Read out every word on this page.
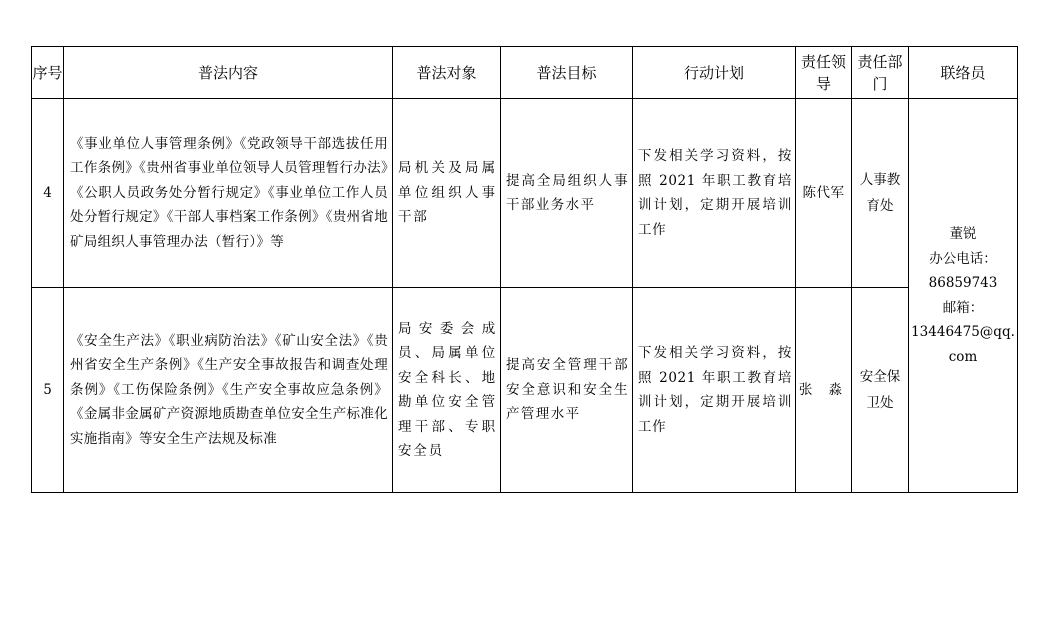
序号	普法内容	普法对象	普法目标	行动计划	责任领导	责任部门	联络员
4	《事业单位人事管理条例》《党政领导干部选拔任用工作条例》《贵州省事业单位领导人员管理暂行办法》《公职人员政务处分暂行规定》《事业单位工作人员处分暂行规定》《干部人事档案工作条例》《贵州省地矿局组织人事管理办法（暂行）》等	局机关及局属单位组织人事干部	提高全局组织人事干部业务水平	下发相关学习资料，按照 2021 年职工教育培训计划，定期开展培训工作	陈代军	人事教育处	董锐
办公电话：
86859743
邮箱：
13446475@qq.com

5	《安全生产法》《职业病防治法》《矿山安全法》《贵州省安全生产条例》《生产安全事故报告和调查处理条例》《工伤保险条例》《生产安全事故应急条例》《金属非金属矿产资源地质勘查单位安全生产标准化实施指南》等安全生产法规及标准	局安委会成员、局属单位安全科长、地勘单位安全管理干部、专职安全员	提高安全管理干部安全意识和安全生产管理水平	下发相关学习资料，按照 2021 年职工教育培训计划，定期开展培训工作	张 淼	安全保卫处	
